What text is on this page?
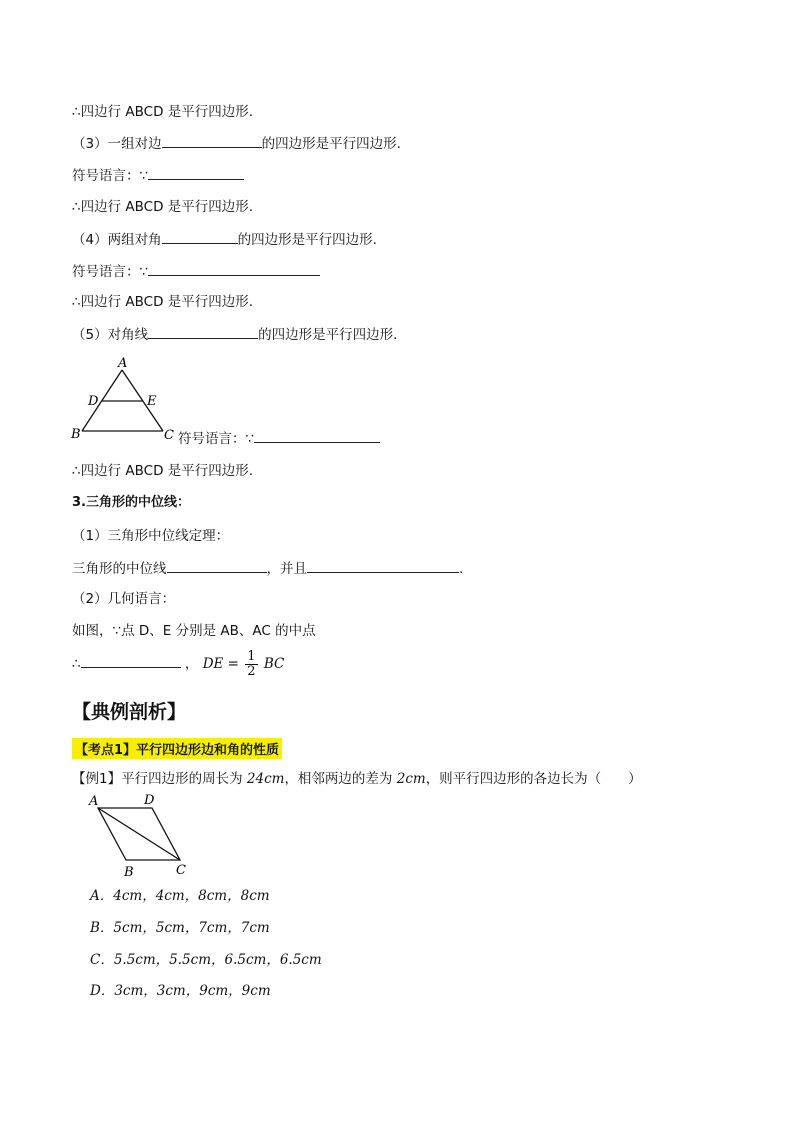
∴四边行 ABCD 是平行四边形.
（3）一组对边	的四边形是平行四边形.
符号语言：∵
∴四边行 ABCD 是平行四边形.
（4）两组对角	的四边形是平行四边形.
符号语言：∵
∴四边行 ABCD 是平行四边形.
（5）对角线	的四边形是平行四边形.
A
D	E
B	C 符号语言：∵
∴四边行 ABCD 是平行四边形.
3.三角形的中位线：
（1）三角形中位线定理：
三角形的中位线	，并且	.
（2）几何语言：
如图，∵点 D、E 分别是 AB、AC 的中点
∴	， DE = $\frac{1}{2}$ BC
【典例剖析】
【考点1】平行四边形边和角的性质
【例1】平行四边形的周长为 24cm，相邻两边的差为 2cm，则平行四边形的各边长为（　　）
A	D
B	C
A．4cm，4cm，8cm，8cm
B．5cm，5cm，7cm，7cm
C．5.5cm，5.5cm，6.5cm，6.5cm
D．3cm，3cm，9cm，9cm
